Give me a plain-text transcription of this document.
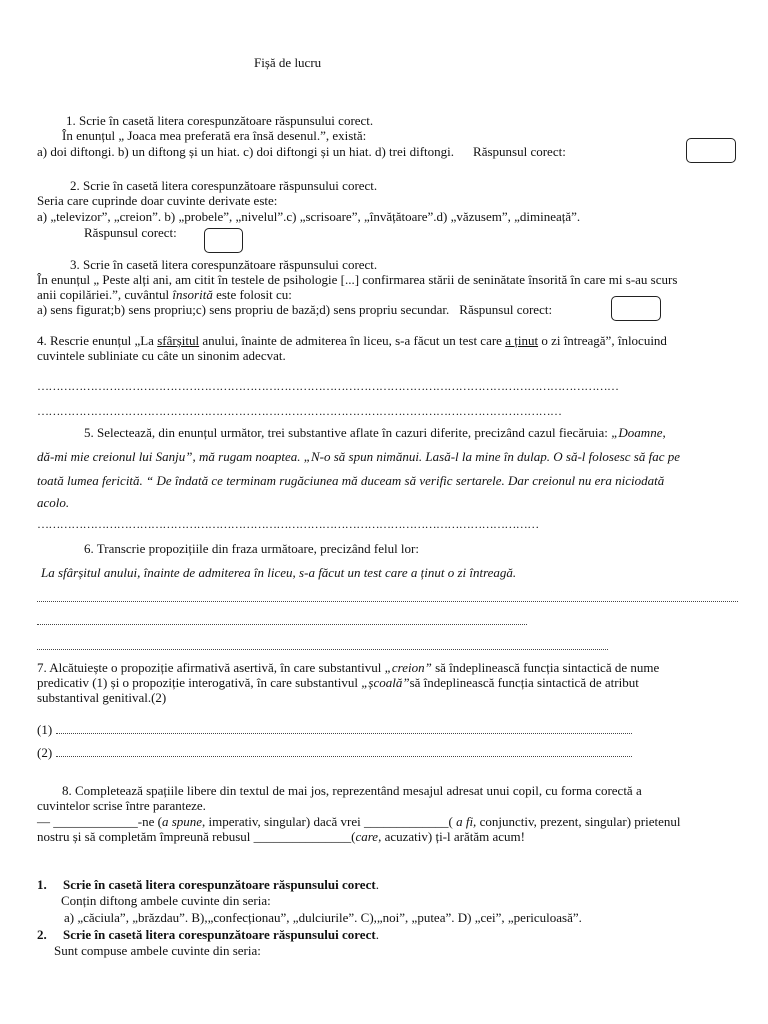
Fișă de lucru
1. Scrie în casetă litera corespunzătoare răspunsului corect.
În enunțul „ Joaca mea preferată era însă desenul.”, există:
a) doi diftongi. b) un diftong și un hiat. c) doi diftongi și un hiat. d) trei diftongi. Răspunsul corect:
2. Scrie în casetă litera corespunzătoare răspunsului corect.
Seria care cuprinde doar cuvinte derivate este:
a) „televizor”, „creion”. b) „probele”, „nivelul”.c) „scrisoare”, „învățătoare”.d) „văzusem”, „dimineață”.
Răspunsul corect:
3. Scrie în casetă litera corespunzătoare răspunsului corect.
În enunțul „ Peste alți ani, am citit în testele de psihologie [...] confirmarea stării de seninătate însorită în care mi s-au scurs
anii copilăriei.”, cuvântul însorită este folosit cu:
a) sens figurat;b) sens propriu;c) sens propriu de bază;d) sens propriu secundar. Răspunsul corect:
4. Rescrie enunțul „La sfârșitul anului, înainte de admiterea în liceu, s-a făcut un test care a ținut o zi întreagă”, înlocuind
cuvintele subliniate cu câte un sinonim adecvat.
………………………………………………………………………………………………………………………………………
…………………………………………………………………………………………………………………………
5. Selectează, din enunțul următor, trei substantive aflate în cazuri diferite, precizând cazul fiecăruia: „Doamne,
dă-mi mie creionul lui Sanju”, mă rugam noaptea. „N-o să spun nimănui. Lasă-l la mine în dulap. O să-l folosesc să fac pe
toată lumea fericită. “ De îndată ce terminam rugăciunea mă duceam să verific sertarele. Dar creionul nu era niciodată
acolo.
……………………………………………………………………………………………………………………
6. Transcrie propozițiile din fraza următoare, precizând felul lor:
La sfârșitul anului, înainte de admiterea în liceu, s-a făcut un test care a ținut o zi întreagă.
7. Alcătuiește o propoziție afirmativă asertivă, în care substantivul „creion” să îndeplinească funcția sintactică de nume
predicativ (1) și o propoziție interogativă, în care substantivul „școală”să îndeplinească funcția sintactică de atribut
substantival genitival.(2)
(1)
(2)
8. Completează spațiile libere din textul de mai jos, reprezentând mesajul adresat unui copil, cu forma corectă a
cuvintelor scrise între paranteze.
— _____________-ne (a spune, imperativ, singular) dacă vrei _____________( a fi, conjunctiv, prezent, singular) prietenul
nostru și să completăm împreună rebusul _______________(care, acuzativ) ți-l arătăm acum!
1. Scrie în casetă litera corespunzătoare răspunsului corect.
Conțin diftong ambele cuvinte din seria:
a) „căciula”, „brăzdau”. B),„confecționau”, „dulciurile”. C),„noi”, „putea”. D) „cei”, „periculoasă”.
2. Scrie în casetă litera corespunzătoare răspunsului corect.
Sunt compuse ambele cuvinte din seria:
